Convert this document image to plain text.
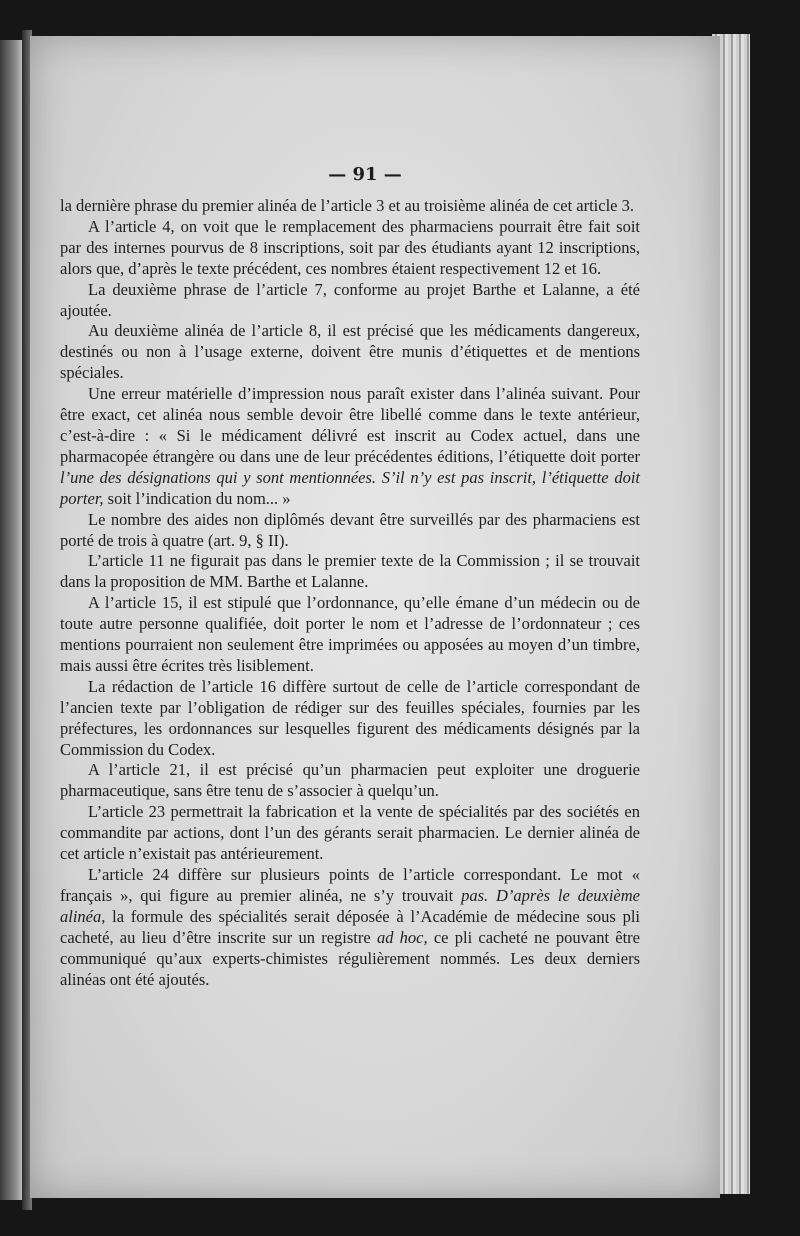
— 91 —

la dernière phrase du premier alinéa de l’article 3 et au troisième alinéa de cet article 3.

A l’article 4, on voit que le remplacement des pharmaciens pourrait être fait soit par des internes pourvus de 8 inscriptions, soit par des étudiants ayant 12 inscriptions, alors que, d’après le texte précédent, ces nombres étaient respectivement 12 et 16.

La deuxième phrase de l’article 7, conforme au projet Barthe et Lalanne, a été ajoutée.

Au deuxième alinéa de l’article 8, il est précisé que les médicaments dangereux, destinés ou non à l’usage externe, doivent être munis d’étiquettes et de mentions spéciales.

Une erreur matérielle d’impression nous paraît exister dans l’alinéa suivant. Pour être exact, cet alinéa nous semble devoir être libellé comme dans le texte antérieur, c’est-à-dire : « Si le médicament délivré est inscrit au Codex actuel, dans une pharmacopée étrangère ou dans une de leur précédentes éditions, l’étiquette doit porter l’une des désignations qui y sont mentionnées. S’il n’y est pas inscrit, l’étiquette doit porter, soit l’indication du nom... »

Le nombre des aides non diplômés devant être surveillés par des pharmaciens est porté de trois à quatre (art. 9, § II).

L’article 11 ne figurait pas dans le premier texte de la Commission ; il se trouvait dans la proposition de MM. Barthe et Lalanne.

A l’article 15, il est stipulé que l’ordonnance, qu’elle émane d’un médecin ou de toute autre personne qualifiée, doit porter le nom et l’adresse de l’ordonnateur ; ces mentions pourraient non seulement être imprimées ou apposées au moyen d’un timbre, mais aussi être écrites très lisiblement.

La rédaction de l’article 16 diffère surtout de celle de l’article correspondant de l’ancien texte par l’obligation de rédiger sur des feuilles spéciales, fournies par les préfectures, les ordonnances sur lesquelles figurent des médicaments désignés par la Commission du Codex.

A l’article 21, il est précisé qu’un pharmacien peut exploiter une droguerie pharmaceutique, sans être tenu de s’associer à quelqu’un.

L’article 23 permettrait la fabrication et la vente de spécialités par des sociétés en commandite par actions, dont l’un des gérants serait pharmacien. Le dernier alinéa de cet article n’existait pas antérieurement.

L’article 24 diffère sur plusieurs points de l’article correspondant. Le mot « français », qui figure au premier alinéa, ne s’y trouvait pas. D’après le deuxième alinéa, la formule des spécialités serait déposée à l’Académie de médecine sous pli cacheté, au lieu d’être inscrite sur un registre ad hoc, ce pli cacheté ne pouvant être communiqué qu’aux experts-chimistes régulièrement nommés. Les deux derniers alinéas ont été ajoutés.
